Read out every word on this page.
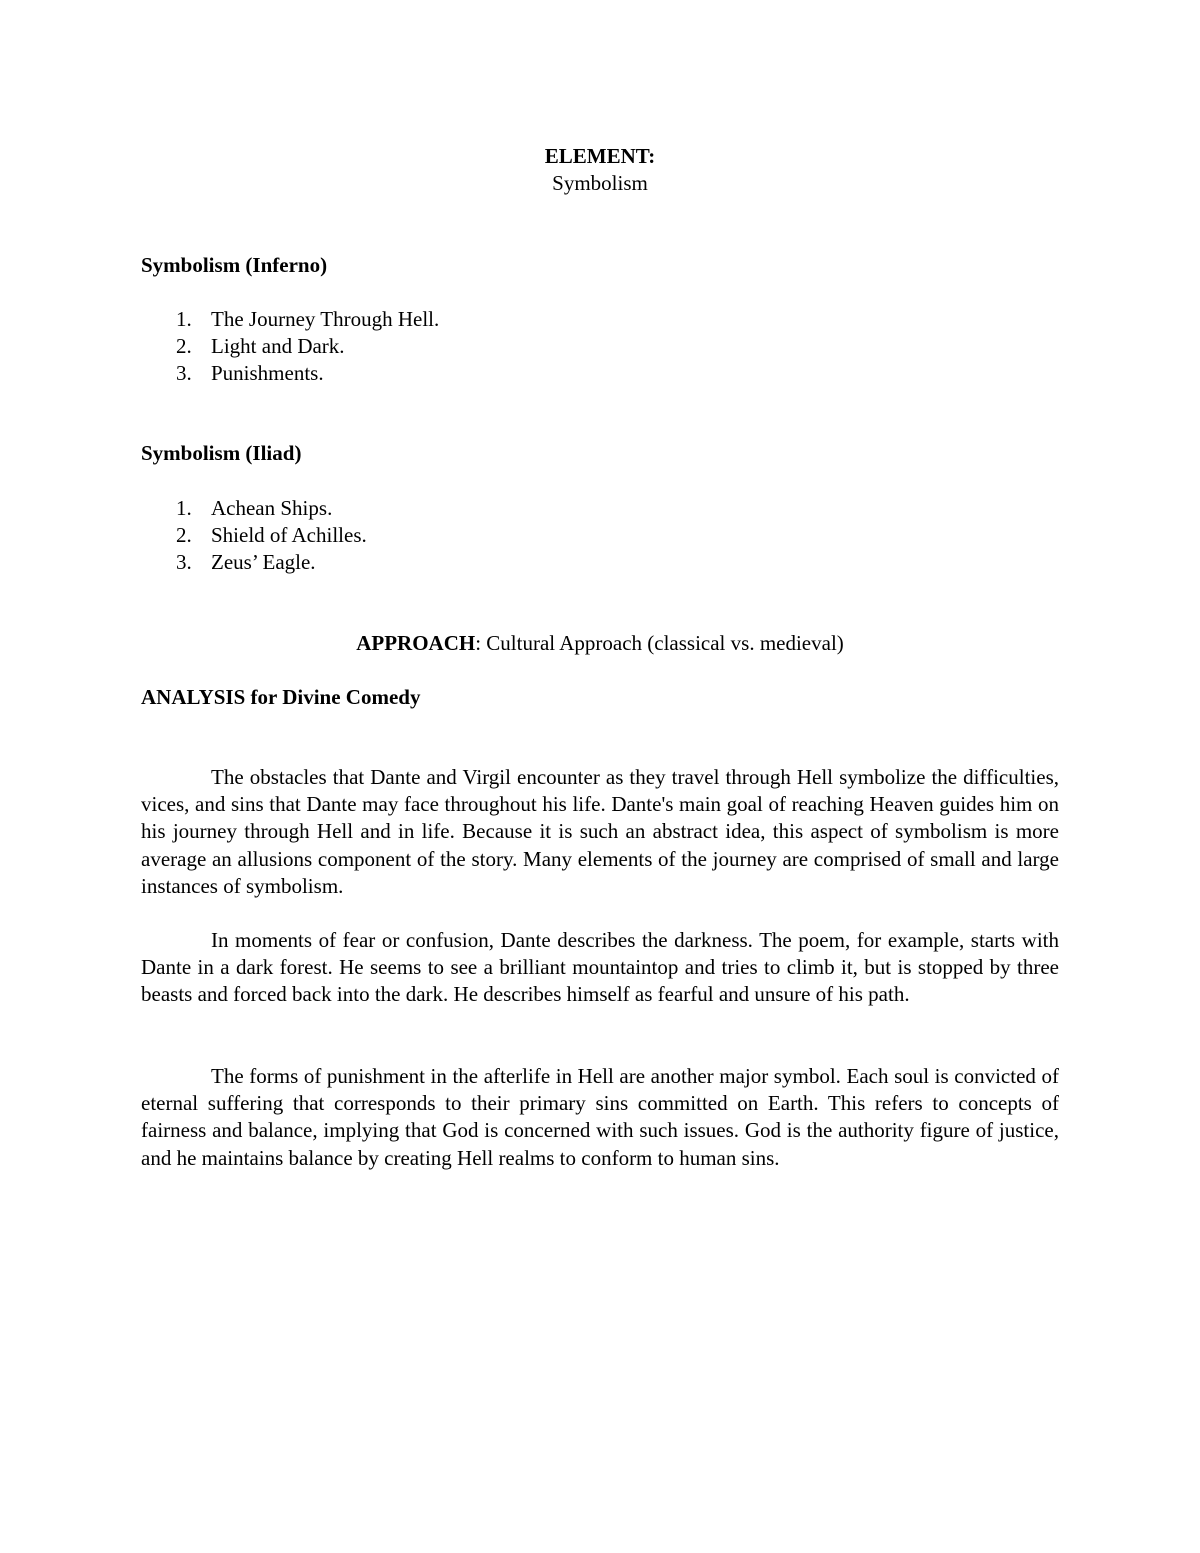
ELEMENT:
Symbolism
Symbolism (Inferno)
1. The Journey Through Hell.
2. Light and Dark.
3. Punishments.
Symbolism (Iliad)
1. Achean Ships.
2. Shield of Achilles.
3. Zeus’ Eagle.
APPROACH: Cultural Approach (classical vs. medieval)
ANALYSIS for Divine Comedy

The obstacles that Dante and Virgil encounter as they travel through Hell symbolize the difficulties, vices, and sins that Dante may face throughout his life. Dante's main goal of reaching Heaven guides him on his journey through Hell and in life. Because it is such an abstract idea, this aspect of symbolism is more average an allusions component of the story. Many elements of the journey are comprised of small and large instances of symbolism.

In moments of fear or confusion, Dante describes the darkness. The poem, for example, starts with Dante in a dark forest. He seems to see a brilliant mountaintop and tries to climb it, but is stopped by three beasts and forced back into the dark. He describes himself as fearful and unsure of his path.

The forms of punishment in the afterlife in Hell are another major symbol. Each soul is convicted of eternal suffering that corresponds to their primary sins committed on Earth. This refers to concepts of fairness and balance, implying that God is concerned with such issues. God is the authority figure of justice, and he maintains balance by creating Hell realms to conform to human sins.
